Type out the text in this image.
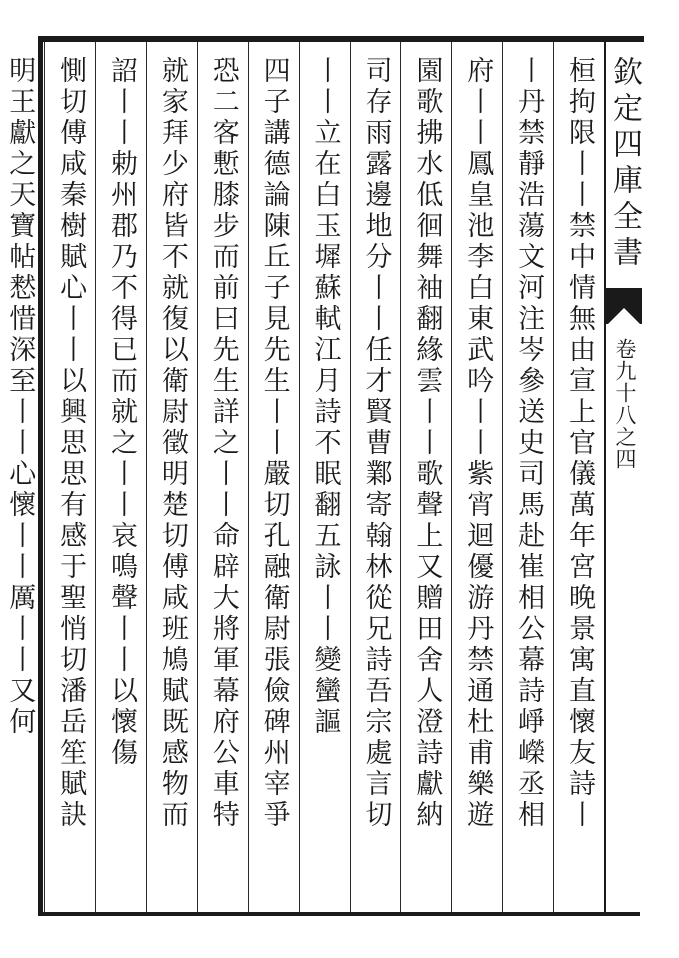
欽定四庫全書
卷九十八之四
桓拘限丨丨禁中情無由宣上官儀萬年宮晚景寓直懷友詩丨
丨丹禁靜浩蕩文河注岑參送史司馬赴崔相公幕詩崢嶸丞相
府丨丨鳳皇池李白東武吟丨丨紫宵迴優游丹禁通杜甫樂遊
園歌拂水低徊舞袖翻緣雲丨丨歌聲上又贈田舍人澄詩獻納
司存雨露邊地分丨丨任才賢曹鄴寄翰林從兄詩吾宗處言切
丨丨立在白玉墀蘇軾江月詩不眠翻五詠丨丨變蠻謳
四子講德論陳丘子見先生丨丨嚴切孔融衛尉張儉碑州宰爭
恐二客慙膝步而前曰先生詳之丨丨命辟大將軍幕府公車特
就家拜少府皆不就復以衛尉徵明楚切傅咸班鳩賦既感物而
詔丨丨勅州郡乃不得已而就之丨丨哀鳴聲丨丨以懷傷
惻切傅咸秦樹賦心丨丨以興思思有感于聖悄切潘岳笙賦訣
明王獻之天寶帖慭惜深至丨丨心懷丨丨厲丨丨又何
